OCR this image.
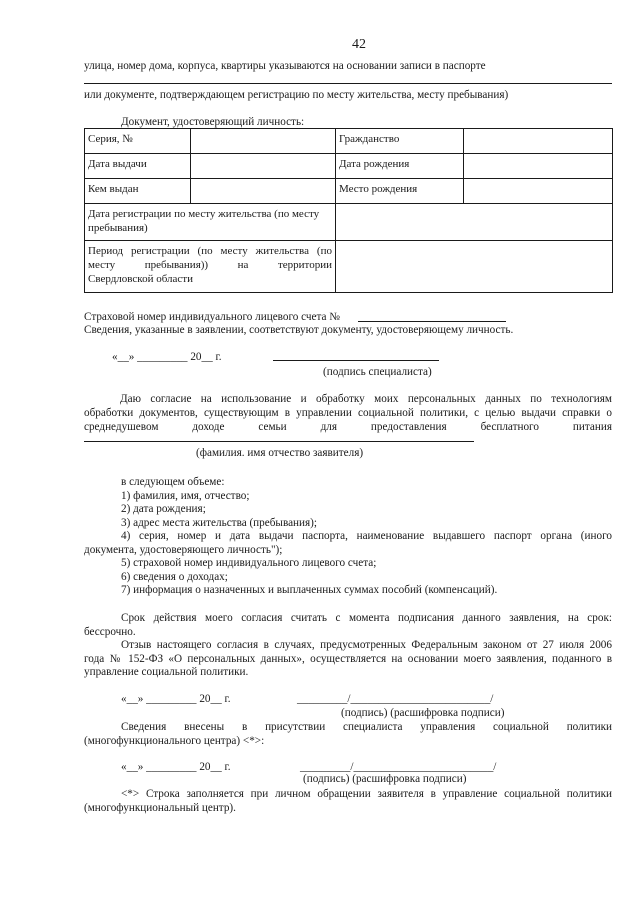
42
улица, номер дома, корпуса, квартиры указываются на основании записи в паспорте
или документе, подтверждающем регистрацию по месту жительства, месту пребывания)
Документ, удостоверяющий личность:
Серия, №		Гражданство	
Дата выдачи		Дата рождения	
Кем выдан		Место рождения	

Дата регистрации по месту жительства (по месту
пребывания)			

Период регистрации (по месту жительства (по
месту пребывания)) на территории
Свердловской области			

Страховой номер индивидуального лицевого счета №
Сведения, указанные в заявлении, соответствуют документу, удостоверяющему личность.
«__» _________ 20__ г.
(подпись специалиста)
Даю согласие на использование и обработку моих персональных данных по технологиям
обработки документов, существующим в управлении социальной политики, с целью выдачи справки о
среднедушевом доходе семьи для предоставления бесплатного питания
(фамилия. имя отчество заявителя)
в следующем объеме:
1) фамилия, имя, отчество;
2) дата рождения;
3) адрес места жительства (пребывания);
4) серия, номер и дата выдачи паспорта, наименование выдавшего паспорт органа (иного
документа, удостоверяющего личность");
5) страховой номер индивидуального лицевого счета;
6) сведения о доходах;
7) информация о назначенных и выплаченных суммах пособий (компенсаций).
Срок действия моего согласия считать с момента подписания данного заявления, на срок:
бессрочно.
Отзыв настоящего согласия в случаях, предусмотренных Федеральным законом от 27 июля 2006
года № 152-ФЗ «О персональных данных», осуществляется на основании моего заявления, поданного в
управление социальной политики.
«__» _________ 20__ г.	_________/_________________________/
(подпись) (расшифровка подписи)
Сведения внесены в присутствии специалиста управления социальной политики
(многофункционального центра) <*>:
«__» _________ 20__ г.	_________/_________________________/
(подпись) (расшифровка подписи)
<*> Строка заполняется при личном обращении заявителя в управление социальной политики
(многофункциональный центр).
